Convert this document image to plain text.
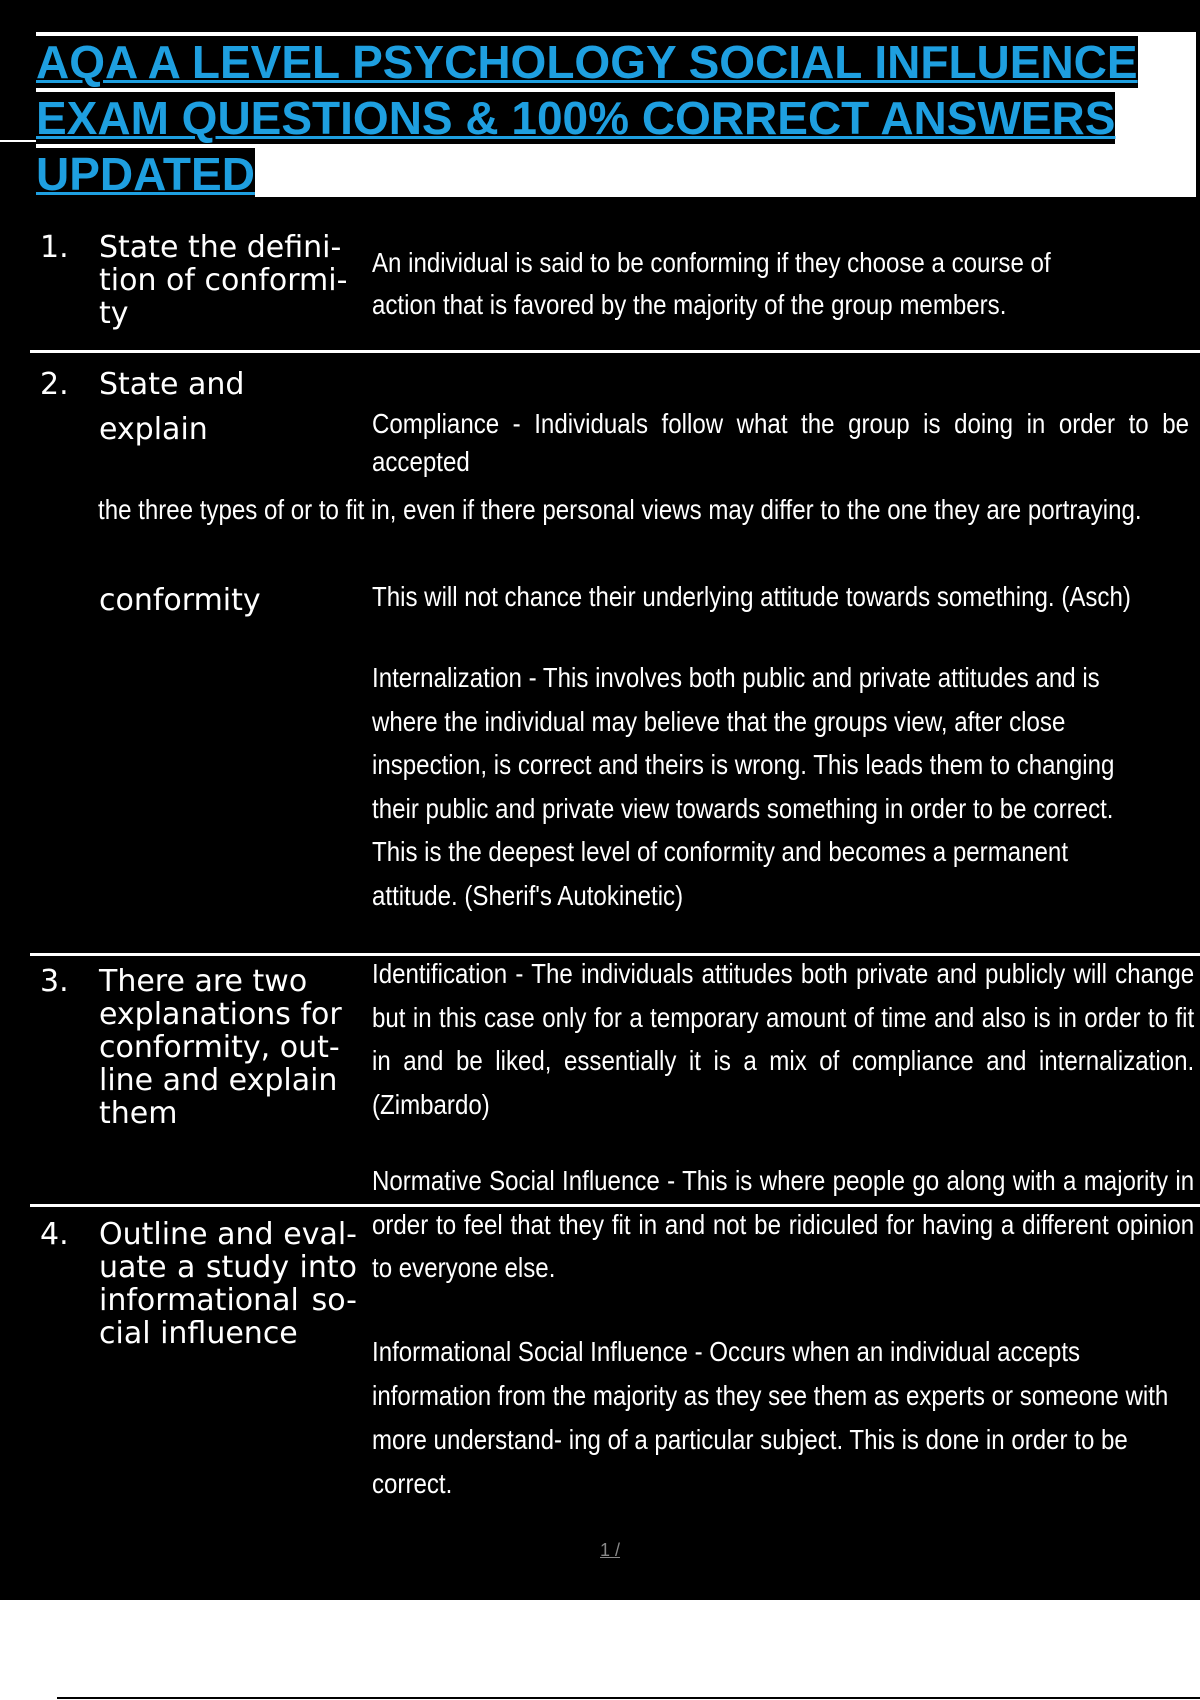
AQA A LEVEL PSYCHOLOGY SOCIAL INFLUENCE EXAM QUESTIONS & 100% CORRECT ANSWERS UPDATED
1. State the defini- tion of conformi- ty

An individual is said to be conforming if they choose a course of action that is favored by the majority of the group members.

2. State and
explain	Compliance - Individuals follow what the group is doing in order to be accepted

the three types of or to fit in, even if there personal views may differ to the one they are portraying.

conformity	This will not chance their underlying attitude towards something. (Asch)

Internalization - This involves both public and private attitudes and is where the individual may believe that the groups view, after close inspection, is correct and theirs is wrong. This leads them to changing their public and private view towards something in order to be correct. This is the deepest level of conformity and becomes a permanent attitude. (Sherif's Autokinetic)

3. There are two explanations for conformity, out- line and explain them

Identification - The individuals attitudes both private and publicly will change but in this case only for a temporary amount of time and also is in order to fit in and be liked, essentially it is a mix of compliance and internalization. (Zimbardo)

Normative Social Influence - This is where people go along with a majority in order to feel that they fit in and not be ridiculed for having a different opinion to everyone else.

Informational Social Influence - Occurs when an individual accepts information from the majority as they see them as experts or someone with more understand- ing of a particular subject. This is done in order to be correct.

4. Outline and eval- uate a study into informational so- cial influence

1 /
